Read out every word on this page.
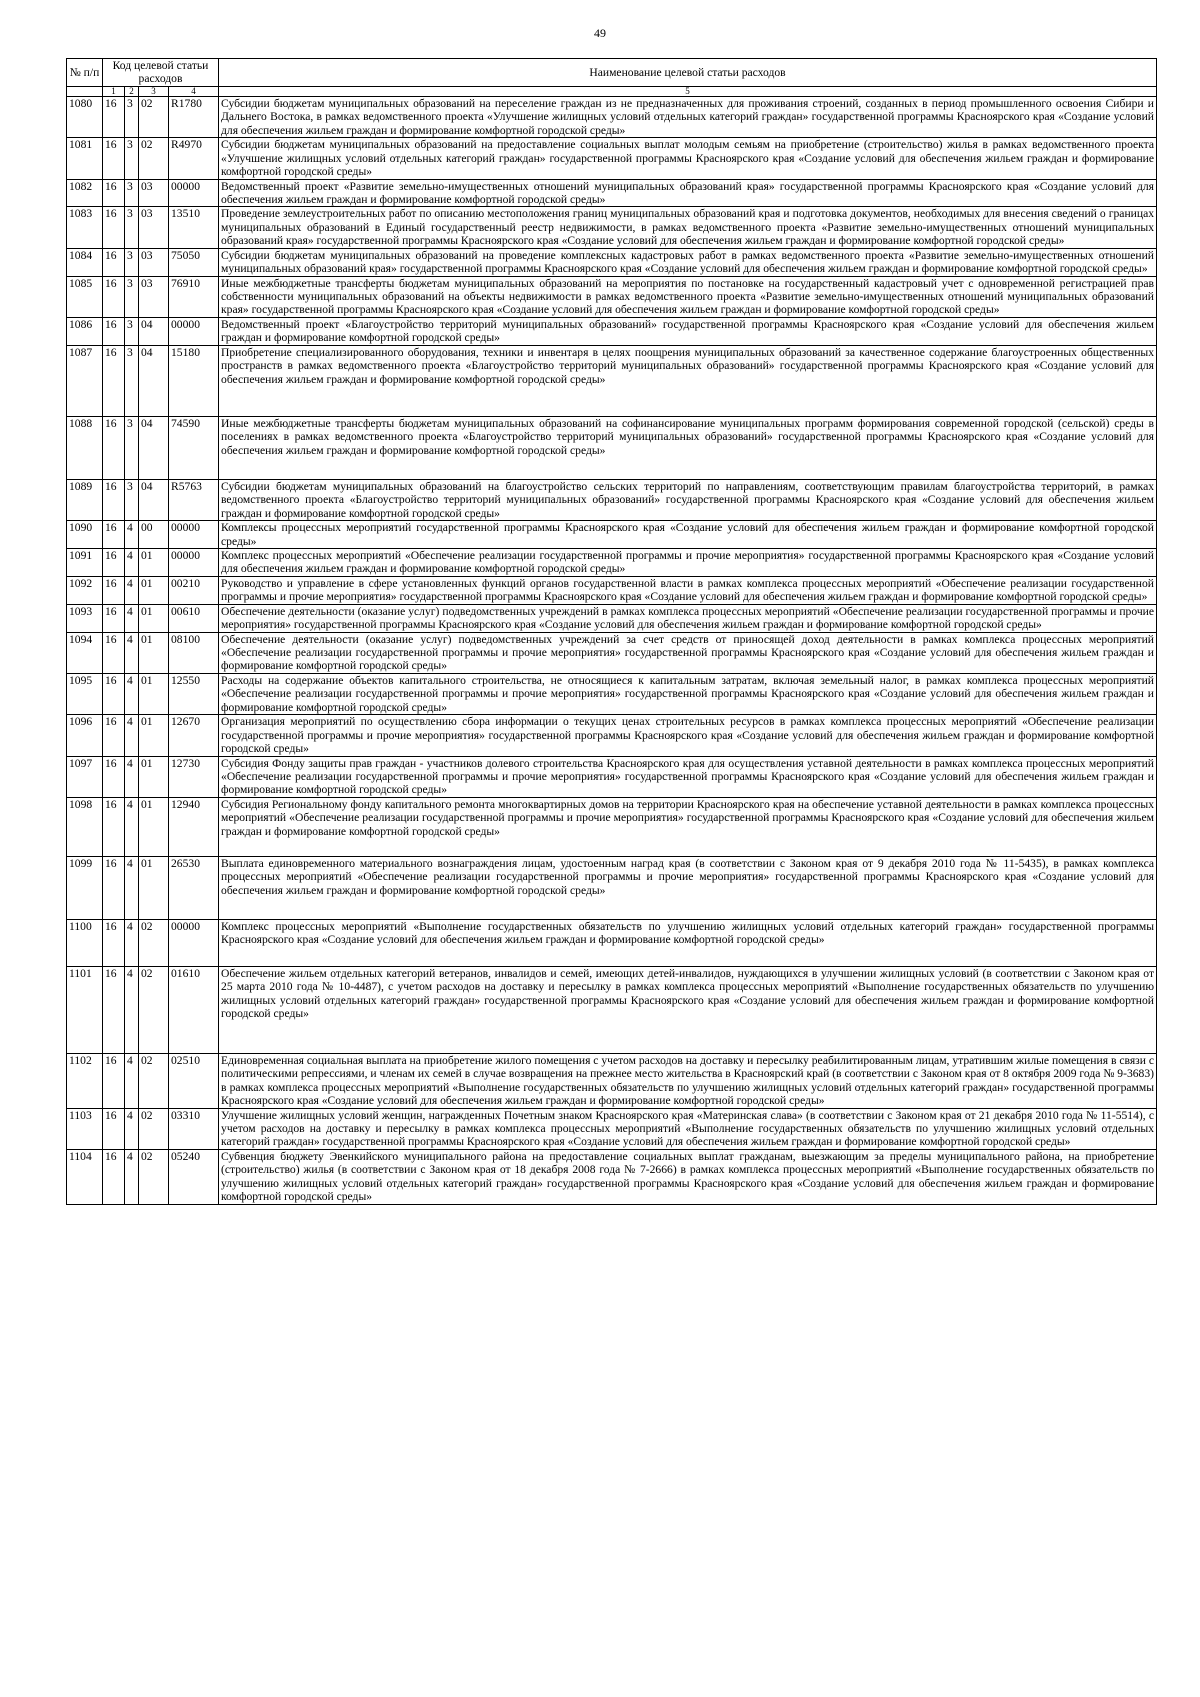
49
№ п/п	Код целевой статьи расходов				Наименование целевой статьи расходов
	1	2	3	4	5
1080	16	3	02	R1780	Субсидии бюджетам муниципальных образований на переселение граждан из не предназначенных для проживания строений, созданных в период промышленного освоения Сибири и Дальнего Востока, в рамках ведомственного проекта «Улучшение жилищных условий отдельных категорий граждан» государственной программы Красноярского края «Создание условий для обеспечения жильем граждан и формирование комфортной городской среды»
1081	16	3	02	R4970	Субсидии бюджетам муниципальных образований на предоставление социальных выплат молодым семьям на приобретение (строительство) жилья в рамках ведомственного проекта «Улучшение жилищных условий отдельных категорий граждан» государственной программы Красноярского края «Создание условий для обеспечения жильем граждан и формирование комфортной городской среды»
1082	16	3	03	00000	Ведомственный проект «Развитие земельно-имущественных отношений муниципальных образований края» государственной программы Красноярского края «Создание условий для обеспечения жильем граждан и формирование комфортной городской среды»
1083	16	3	03	13510	Проведение землеустроительных работ по описанию местоположения границ муниципальных образований края и подготовка документов, необходимых для внесения сведений о границах муниципальных образований в Единый государственный реестр недвижимости, в рамках ведомственного проекта «Развитие земельно-имущественных отношений муниципальных образований края» государственной программы Красноярского края «Создание условий для обеспечения жильем граждан и формирование комфортной городской среды»
1084	16	3	03	75050	Субсидии бюджетам муниципальных образований на проведение комплексных кадастровых работ в рамках ведомственного проекта «Развитие земельно-имущественных отношений муниципальных образований края» государственной программы Красноярского края «Создание условий для обеспечения жильем граждан и формирование комфортной городской среды»
1085	16	3	03	76910	Иные межбюджетные трансферты бюджетам муниципальных образований на мероприятия по постановке на государственный кадастровый учет с одновременной регистрацией прав собственности муниципальных образований на объекты недвижимости в рамках ведомственного проекта «Развитие земельно-имущественных отношений муниципальных образований края» государственной программы Красноярского края «Создание условий для обеспечения жильем граждан и формирование комфортной городской среды»
1086	16	3	04	00000	Ведомственный проект «Благоустройство территорий муниципальных образований» государственной программы Красноярского края «Создание условий для обеспечения жильем граждан и формирование комфортной городской среды»
1087	16	3	04	15180	Приобретение специализированного оборудования, техники и инвентаря в целях поощрения муниципальных образований за качественное содержание благоустроенных общественных пространств в рамках ведомственного проекта «Благоустройство территорий муниципальных образований» государственной программы Красноярского края «Создание условий для обеспечения жильем граждан и формирование комфортной городской среды»
1088	16	3	04	74590	Иные межбюджетные трансферты бюджетам муниципальных образований на софинансирование муниципальных программ формирования современной городской (сельской) среды в поселениях в рамках ведомственного проекта «Благоустройство территорий муниципальных образований» государственной программы Красноярского края «Создание условий для обеспечения жильем граждан и формирование комфортной городской среды»
1089	16	3	04	R5763	Субсидии бюджетам муниципальных образований на благоустройство сельских территорий по направлениям, соответствующим правилам благоустройства территорий, в рамках ведомственного проекта «Благоустройство территорий муниципальных образований» государственной программы Красноярского края «Создание условий для обеспечения жильем граждан и формирование комфортной городской среды»
1090	16	4	00	00000	Комплексы процессных мероприятий государственной программы Красноярского края «Создание условий для обеспечения жильем граждан и формирование комфортной городской среды»
1091	16	4	01	00000	Комплекс процессных мероприятий «Обеспечение реализации государственной программы и прочие мероприятия» государственной программы Красноярского края «Создание условий для обеспечения жильем граждан и формирование комфортной городской среды»
1092	16	4	01	00210	Руководство и управление в сфере установленных функций органов государственной власти в рамках комплекса процессных мероприятий «Обеспечение реализации государственной программы и прочие мероприятия» государственной программы Красноярского края «Создание условий для обеспечения жильем граждан и формирование комфортной городской среды»
1093	16	4	01	00610	Обеспечение деятельности (оказание услуг) подведомственных учреждений в рамках комплекса процессных мероприятий «Обеспечение реализации государственной программы и прочие мероприятия» государственной программы Красноярского края «Создание условий для обеспечения жильем граждан и формирование комфортной городской среды»
1094	16	4	01	08100	Обеспечение деятельности (оказание услуг) подведомственных учреждений за счет средств от приносящей доход деятельности в рамках комплекса процессных мероприятий «Обеспечение реализации государственной программы и прочие мероприятия» государственной программы Красноярского края «Создание условий для обеспечения жильем граждан и формирование комфортной городской среды»
1095	16	4	01	12550	Расходы на содержание объектов капитального строительства, не относящиеся к капитальным затратам, включая земельный налог, в рамках комплекса процессных мероприятий «Обеспечение реализации государственной программы и прочие мероприятия» государственной программы Красноярского края «Создание условий для обеспечения жильем граждан и формирование комфортной городской среды»
1096	16	4	01	12670	Организация мероприятий по осуществлению сбора информации о текущих ценах строительных ресурсов в рамках комплекса процессных мероприятий «Обеспечение реализации государственной программы и прочие мероприятия» государственной программы Красноярского края «Создание условий для обеспечения жильем граждан и формирование комфортной городской среды»
1097	16	4	01	12730	Субсидия Фонду защиты прав граждан - участников долевого строительства Красноярского края для осуществления уставной деятельности в рамках комплекса процессных мероприятий «Обеспечение реализации государственной программы и прочие мероприятия» государственной программы Красноярского края «Создание условий для обеспечения жильем граждан и формирование комфортной городской среды»
1098	16	4	01	12940	Субсидия Региональному фонду капитального ремонта многоквартирных домов на территории Красноярского края на обеспечение уставной деятельности в рамках комплекса процессных мероприятий «Обеспечение реализации государственной программы и прочие мероприятия» государственной программы Красноярского края «Создание условий для обеспечения жильем граждан и формирование комфортной городской среды»
1099	16	4	01	26530	Выплата единовременного материального вознаграждения лицам, удостоенным наград края (в соответствии с Законом края от 9 декабря 2010 года № 11-5435), в рамках комплекса процессных мероприятий «Обеспечение реализации государственной программы и прочие мероприятия» государственной программы Красноярского края «Создание условий для обеспечения жильем граждан и формирование комфортной городской среды»
1100	16	4	02	00000	Комплекс процессных мероприятий «Выполнение государственных обязательств по улучшению жилищных условий отдельных категорий граждан» государственной программы Красноярского края «Создание условий для обеспечения жильем граждан и формирование комфортной городской среды»
1101	16	4	02	01610	Обеспечение жильем отдельных категорий ветеранов, инвалидов и семей, имеющих детей-инвалидов, нуждающихся в улучшении жилищных условий (в соответствии с Законом края от 25 марта 2010 года № 10-4487), с учетом расходов на доставку и пересылку в рамках комплекса процессных мероприятий «Выполнение государственных обязательств по улучшению жилищных условий отдельных категорий граждан» государственной программы Красноярского края «Создание условий для обеспечения жильем граждан и формирование комфортной городской среды»
1102	16	4	02	02510	Единовременная социальная выплата на приобретение жилого помещения с учетом расходов на доставку и пересылку реабилитированным лицам, утратившим жилые помещения в связи с политическими репрессиями, и членам их семей в случае возвращения на прежнее место жительства в Красноярский край (в соответствии с Законом края от 8 октября 2009 года № 9-3683) в рамках комплекса процессных мероприятий «Выполнение государственных обязательств по улучшению жилищных условий отдельных категорий граждан» государственной программы Красноярского края «Создание условий для обеспечения жильем граждан и формирование комфортной городской среды»
1103	16	4	02	03310	Улучшение жилищных условий женщин, награжденных Почетным знаком Красноярского края «Материнская слава» (в соответствии с Законом края от 21 декабря 2010 года № 11-5514), с учетом расходов на доставку и пересылку в рамках комплекса процессных мероприятий «Выполнение государственных обязательств по улучшению жилищных условий отдельных категорий граждан» государственной программы Красноярского края «Создание условий для обеспечения жильем граждан и формирование комфортной городской среды»
1104	16	4	02	05240	Субвенция бюджету Эвенкийского муниципального района на предоставление социальных выплат гражданам, выезжающим за пределы муниципального района, на приобретение (строительство) жилья (в соответствии с Законом края от 18 декабря 2008 года № 7-2666) в рамках комплекса процессных мероприятий «Выполнение государственных обязательств по улучшению жилищных условий отдельных категорий граждан» государственной программы Красноярского края «Создание условий для обеспечения жильем граждан и формирование комфортной городской среды»
